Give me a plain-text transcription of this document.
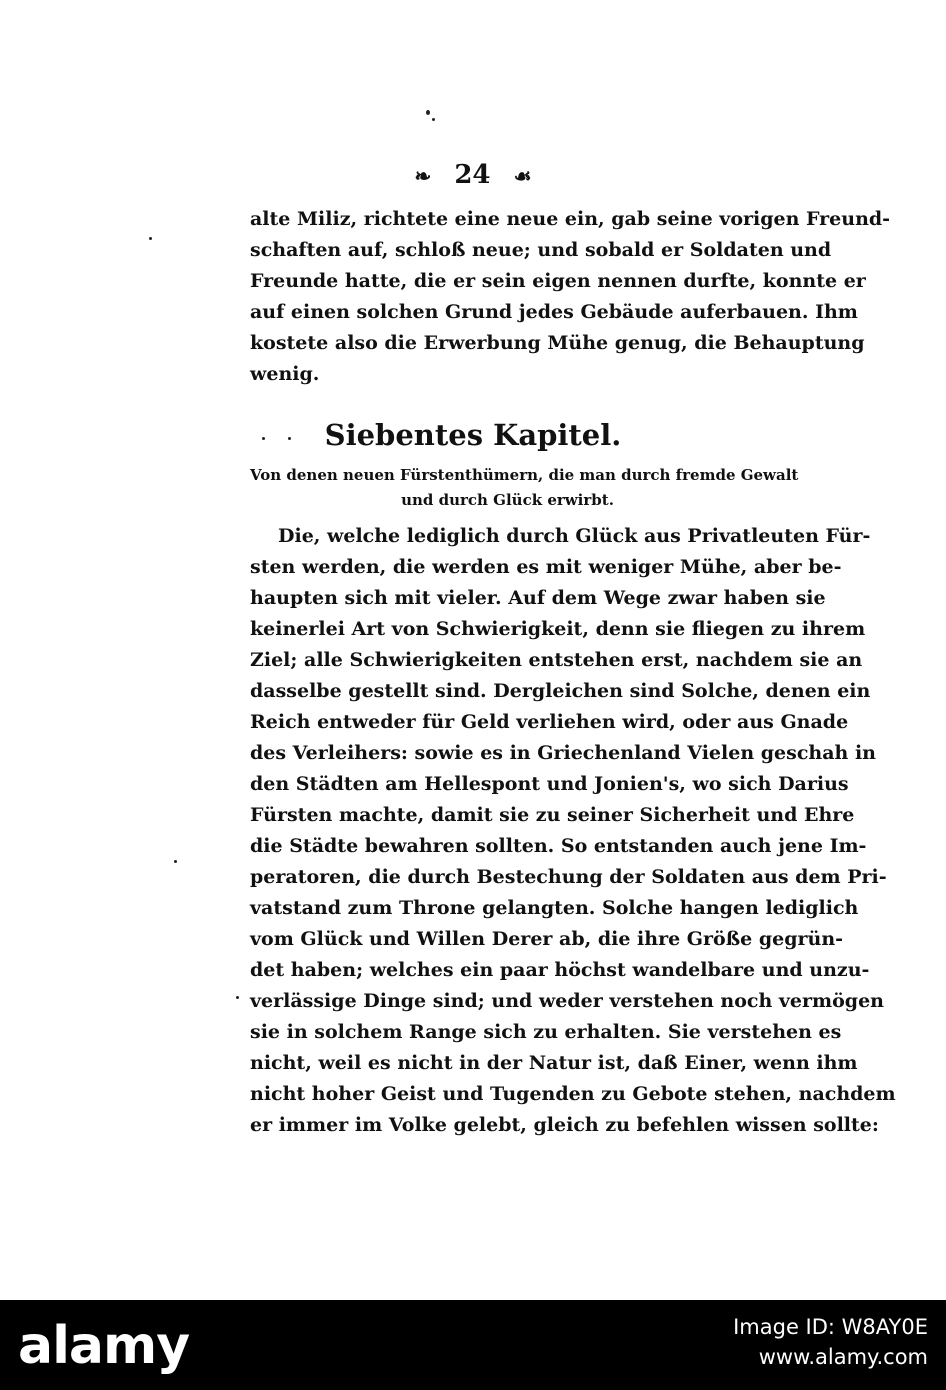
❧ 24 ☙
alte Miliz, richtete eine neue ein, gab seine vorigen Freund-
schaften auf, schloß neue; und sobald er Soldaten und
Freunde hatte, die er sein eigen nennen durfte, konnte er
auf einen solchen Grund jedes Gebäude auferbauen. Ihm
kostete also die Erwerbung Mühe genug, die Behauptung
wenig.
Siebentes Kapitel.
Von denen neuen Fürstenthümern, die man durch fremde Gewalt
und durch Glück erwirbt.
Die, welche lediglich durch Glück aus Privatleuten Für-
sten werden, die werden es mit weniger Mühe, aber be-
haupten sich mit vieler. Auf dem Wege zwar haben sie
keinerlei Art von Schwierigkeit, denn sie fliegen zu ihrem
Ziel; alle Schwierigkeiten entstehen erst, nachdem sie an
dasselbe gestellt sind. Dergleichen sind Solche, denen ein
Reich entweder für Geld verliehen wird, oder aus Gnade
des Verleihers: sowie es in Griechenland Vielen geschah in
den Städten am Hellespont und Jonien's, wo sich Darius
Fürsten machte, damit sie zu seiner Sicherheit und Ehre
die Städte bewahren sollten. So entstanden auch jene Im-
peratoren, die durch Bestechung der Soldaten aus dem Pri-
vatstand zum Throne gelangten. Solche hangen lediglich
vom Glück und Willen Derer ab, die ihre Größe gegrün-
det haben; welches ein paar höchst wandelbare und unzu-
verlässige Dinge sind; und weder verstehen noch vermögen
sie in solchem Range sich zu erhalten. Sie verstehen es
nicht, weil es nicht in der Natur ist, daß Einer, wenn ihm
nicht hoher Geist und Tugenden zu Gebote stehen, nachdem
er immer im Volke gelebt, gleich zu befehlen wissen sollte:
alamy	Image ID: W8AY0E
www.alamy.com
